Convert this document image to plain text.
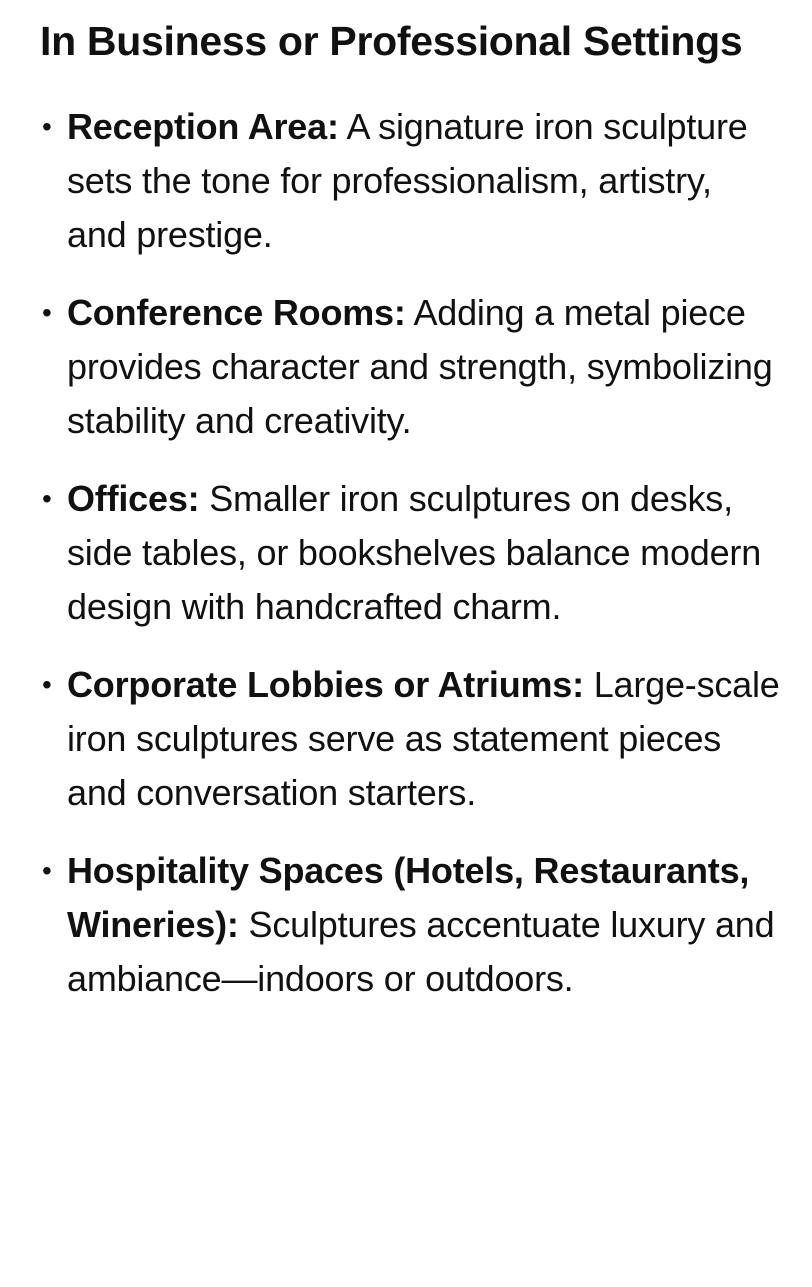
In Business or Professional Settings
• Reception Area: A signature iron sculpture sets the tone for professionalism, artistry, and prestige.
• Conference Rooms: Adding a metal piece provides character and strength, symbolizing stability and creativity.
• Offices: Smaller iron sculptures on desks, side tables, or bookshelves balance modern design with handcrafted charm.
• Corporate Lobbies or Atriums: Large-scale iron sculptures serve as statement pieces and conversation starters.
• Hospitality Spaces (Hotels, Restaurants, Wineries): Sculptures accentuate luxury and ambiance—indoors or outdoors.
